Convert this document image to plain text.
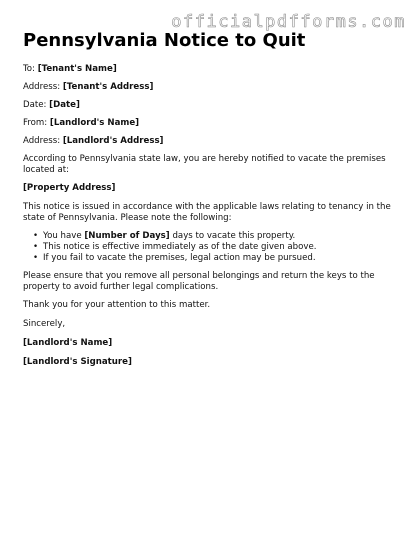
officialpdfforms.com
Pennsylvania Notice to Quit

To: [Tenant's Name]

Address: [Tenant's Address]

Date: [Date]

From: [Landlord's Name]

Address: [Landlord's Address]

According to Pennsylvania state law, you are hereby notified to vacate the premises located at:

[Property Address]

This notice is issued in accordance with the applicable laws relating to tenancy in the state of Pennsylvania. Please note the following:

• You have [Number of Days] days to vacate this property.
• This notice is effective immediately as of the date given above.
• If you fail to vacate the premises, legal action may be pursued.

Please ensure that you remove all personal belongings and return the keys to the property to avoid further legal complications.

Thank you for your attention to this matter.

Sincerely,

[Landlord's Name]

[Landlord's Signature]
